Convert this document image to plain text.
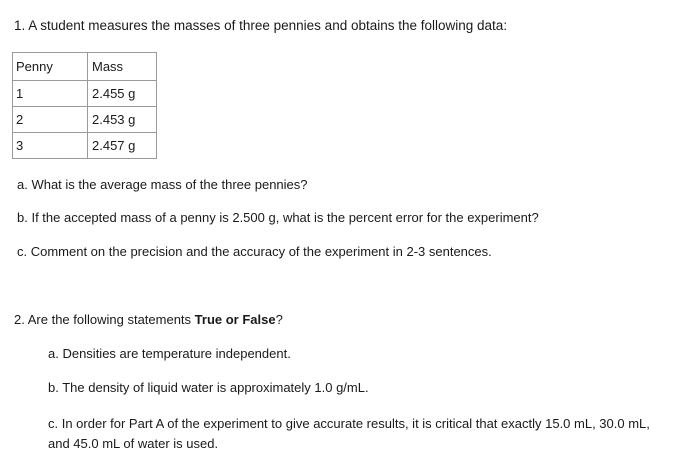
1. A student measures the masses of three pennies and obtains the following data:
Penny	Mass
1	2.455 g
2	2.453 g
3	2.457 g
a. What is the average mass of the three pennies?
b. If the accepted mass of a penny is 2.500 g, what is the percent error for the experiment?
c. Comment on the precision and the accuracy of the experiment in 2-3 sentences.
2. Are the following statements True or False?
a. Densities are temperature independent.
b. The density of liquid water is approximately 1.0 g/mL.
c. In order for Part A of the experiment to give accurate results, it is critical that exactly 15.0 mL, 30.0 mL,
and 45.0 mL of water is used.
